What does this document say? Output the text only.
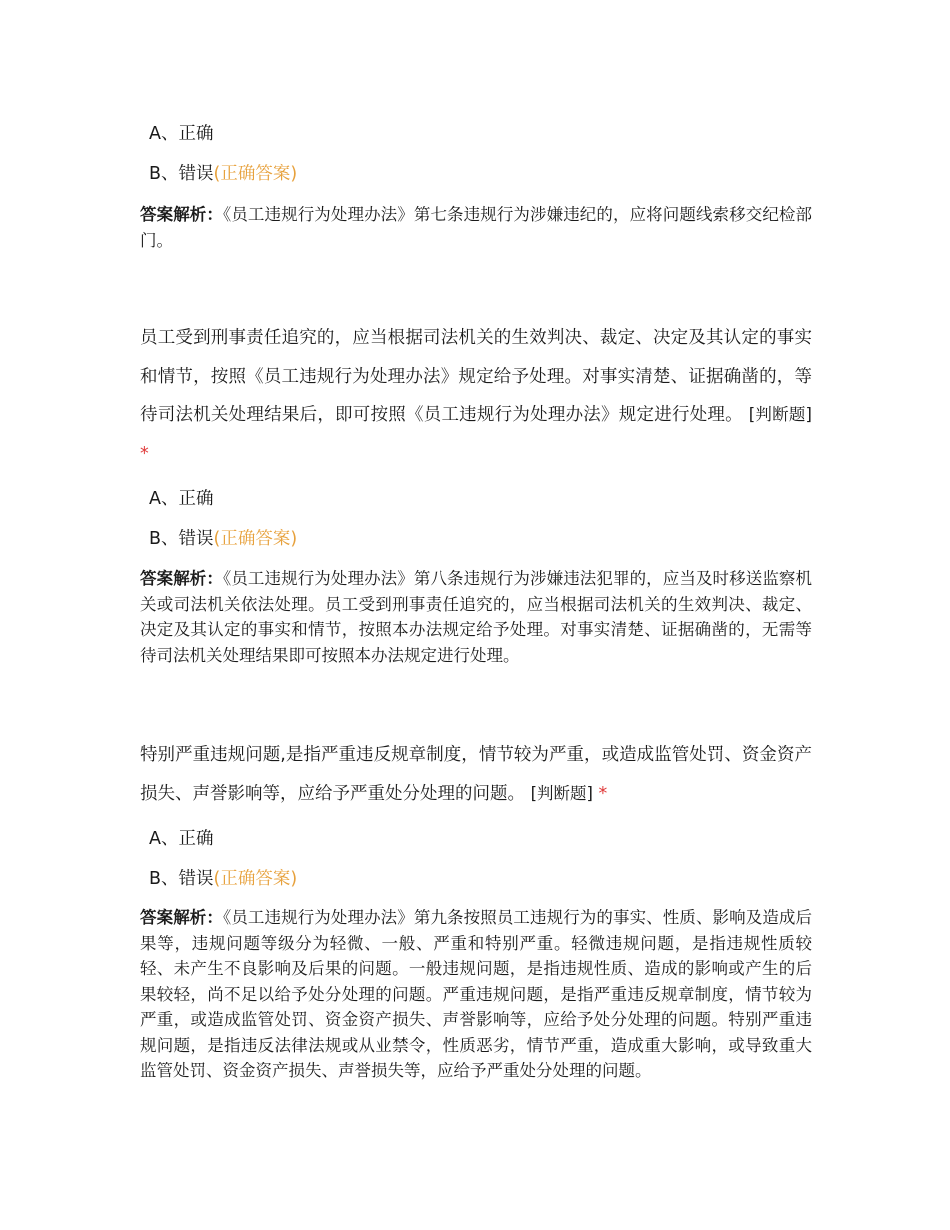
A、正确
B、错误(正确答案)
答案解析：《员工违规行为处理办法》第七条违规行为涉嫌违纪的，应将问题线索移交纪检部门。
员工受到刑事责任追究的，应当根据司法机关的生效判决、裁定、决定及其认定的事实和情节，按照《员工违规行为处理办法》规定给予处理。对事实清楚、证据确凿的，等待司法机关处理结果后，即可按照《员工违规行为处理办法》规定进行处理。 [判断题] *
A、正确
B、错误(正确答案)
答案解析：《员工违规行为处理办法》第八条违规行为涉嫌违法犯罪的，应当及时移送监察机关或司法机关依法处理。员工受到刑事责任追究的，应当根据司法机关的生效判决、裁定、决定及其认定的事实和情节，按照本办法规定给予处理。对事实清楚、证据确凿的，无需等待司法机关处理结果即可按照本办法规定进行处理。
特别严重违规问题,是指严重违反规章制度，情节较为严重，或造成监管处罚、资金资产损失、声誉影响等，应给予严重处分处理的问题。 [判断题] *
A、正确
B、错误(正确答案)
答案解析：《员工违规行为处理办法》第九条按照员工违规行为的事实、性质、影响及造成后果等，违规问题等级分为轻微、一般、严重和特别严重。轻微违规问题，是指违规性质较轻、未产生不良影响及后果的问题。一般违规问题，是指违规性质、造成的影响或产生的后果较轻，尚不足以给予处分处理的问题。严重违规问题，是指严重违反规章制度，情节较为严重，或造成监管处罚、资金资产损失、声誉影响等，应给予处分处理的问题。特别严重违规问题，是指违反法律法规或从业禁令，性质恶劣，情节严重，造成重大影响，或导致重大监管处罚、资金资产损失、声誉损失等，应给予严重处分处理的问题。
